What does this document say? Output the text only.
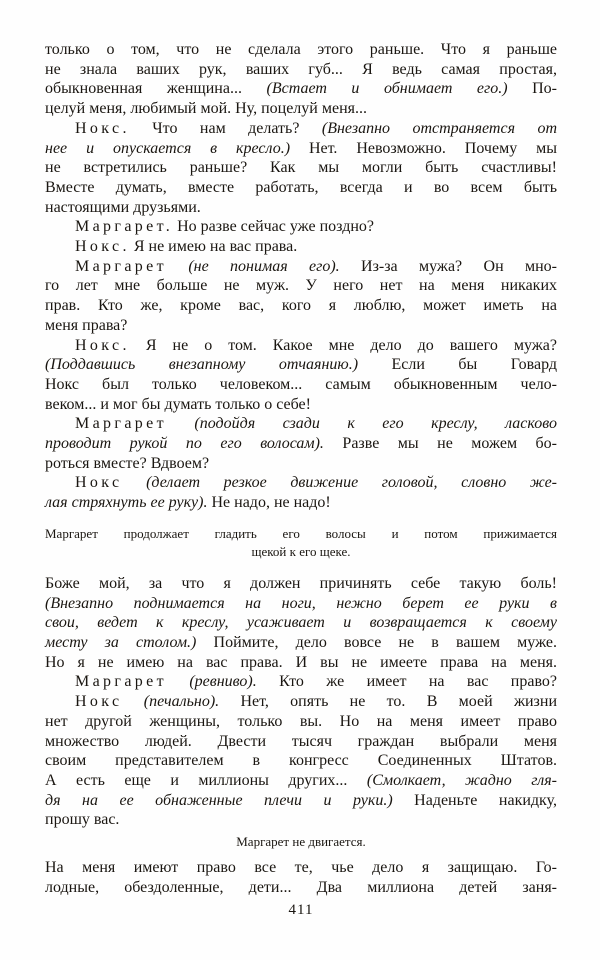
только о том, что не сделала этого раньше. Что я раньше
не знала ваших рук, ваших губ... Я ведь самая простая,
обыкновенная женщина... (Встает и обнимает его.) По-
целуй меня, любимый мой. Ну, поцелуй меня...
Нокс. Что нам делать? (Внезапно отстраняется от
нее и опускается в кресло.) Нет. Невозможно. Почему мы
не встретились раньше? Как мы могли быть счастливы!
Вместе думать, вместе работать, всегда и во всем быть
настоящими друзьями.
Маргарет. Но разве сейчас уже поздно?
Нокс. Я не имею на вас права.
Маргарет (не понимая его). Из-за мужа? Он мно-
го лет мне больше не муж. У него нет на меня никаких
прав. Кто же, кроме вас, кого я люблю, может иметь на
меня права?
Нокс. Я не о том. Какое мне дело до вашего мужа?
(Поддавшись внезапному отчаянию.) Если бы Говард
Нокс был только человеком... самым обыкновенным чело-
веком... и мог бы думать только о себе!
Маргарет (подойдя сзади к его креслу, ласково
проводит рукой по его волосам). Разве мы не можем бо-
роться вместе? Вдвоем?
Нокс (делает резкое движение головой, словно же-
лая стряхнуть ее руку). Не надо, не надо!
Маргарет продолжает гладить его волосы и потом прижимается
щекой к его щеке.
Боже мой, за что я должен причинять себе такую боль!
(Внезапно поднимается на ноги, нежно берет ее руки в
свои, ведет к креслу, усаживает и возвращается к своему
месту за столом.) Поймите, дело вовсе не в вашем муже.
Но я не имею на вас права. И вы не имеете права на меня.
Маргарет (ревниво). Кто же имеет на вас право?
Нокс (печально). Нет, опять не то. В моей жизни
нет другой женщины, только вы. Но на меня имеет право
множество людей. Двести тысяч граждан выбрали меня
своим представителем в конгресс Соединенных Штатов.
А есть еще и миллионы других... (Смолкает, жадно гля-
дя на ее обнаженные плечи и руки.) Наденьте накидку,
прошу вас.
Маргарет не двигается.
На меня имеют право все те, чье дело я защищаю. Го-
лодные, обездоленные, дети... Два миллиона детей заня-
411
